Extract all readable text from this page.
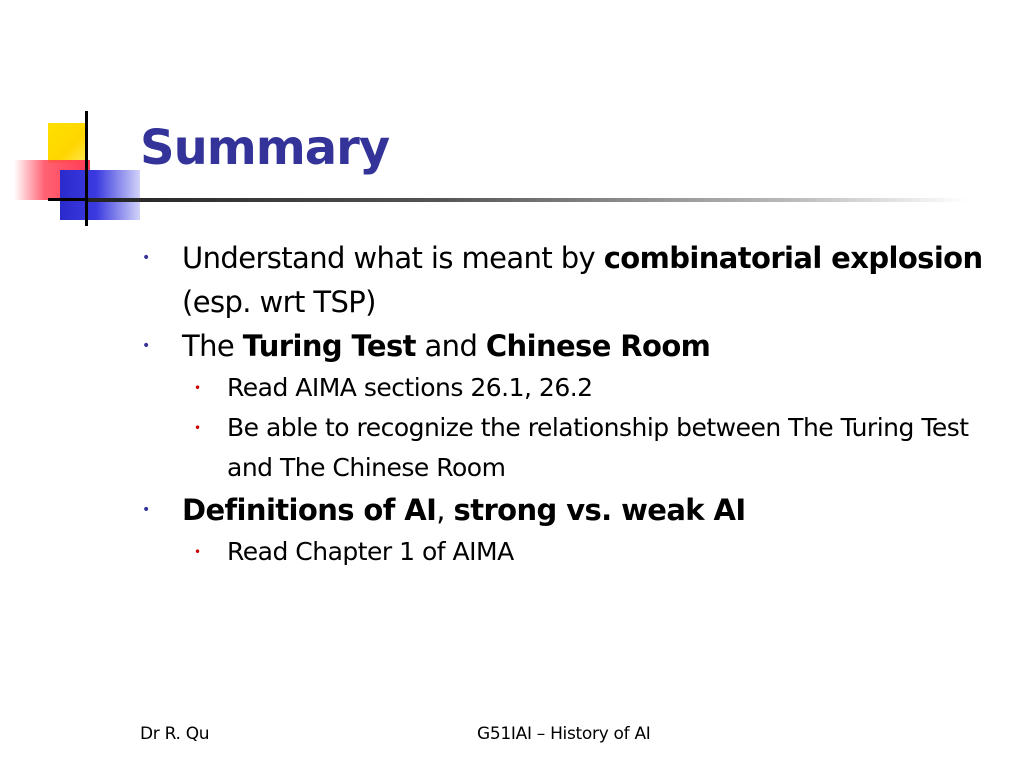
Summary

• Understand what is meant by combinatorial explosion (esp. wrt TSP)

• The Turing Test and Chinese Room

• Read AIMA sections 26.1, 26.2

• Be able to recognize the relationship between The Turing Test and The Chinese Room

• Definitions of AI, strong vs. weak AI

• Read Chapter 1 of AIMA

Dr R. Qu	G51IAI – History of AI
